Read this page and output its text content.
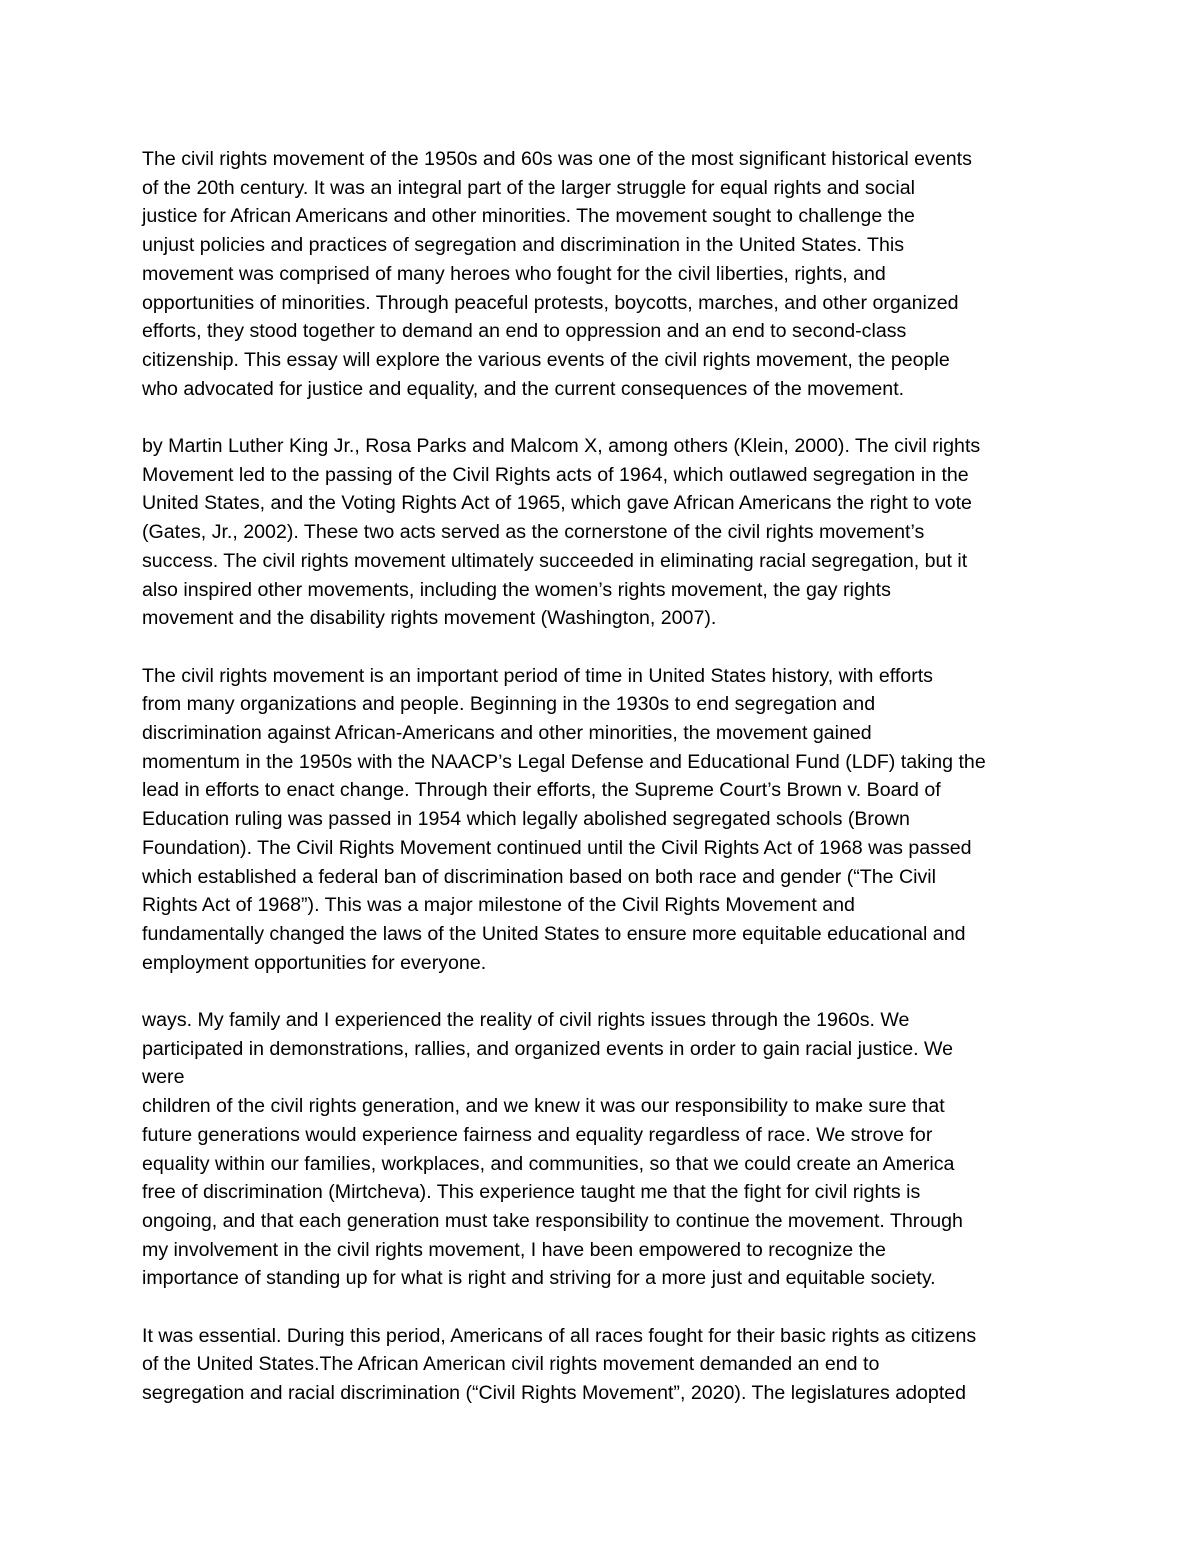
The civil rights movement of the 1950s and 60s was one of the most significant historical events
of the 20th century. It was an integral part of the larger struggle for equal rights and social
justice for African Americans and other minorities. The movement sought to challenge the
unjust policies and practices of segregation and discrimination in the United States. This
movement was comprised of many heroes who fought for the civil liberties, rights, and
opportunities of minorities. Through peaceful protests, boycotts, marches, and other organized
efforts, they stood together to demand an end to oppression and an end to second-class
citizenship. This essay will explore the various events of the civil rights movement, the people
who advocated for justice and equality, and the current consequences of the movement.

by Martin Luther King Jr., Rosa Parks and Malcom X, among others (Klein, 2000). The civil rights
Movement led to the passing of the Civil Rights acts of 1964, which outlawed segregation in the
United States, and the Voting Rights Act of 1965, which gave African Americans the right to vote
(Gates, Jr., 2002). These two acts served as the cornerstone of the civil rights movement’s
success. The civil rights movement ultimately succeeded in eliminating racial segregation, but it
also inspired other movements, including the women’s rights movement, the gay rights
movement and the disability rights movement (Washington, 2007).

The civil rights movement is an important period of time in United States history, with efforts
from many organizations and people. Beginning in the 1930s to end segregation and
discrimination against African-Americans and other minorities, the movement gained
momentum in the 1950s with the NAACP’s Legal Defense and Educational Fund (LDF) taking the
lead in efforts to enact change. Through their efforts, the Supreme Court’s Brown v. Board of
Education ruling was passed in 1954 which legally abolished segregated schools (Brown
Foundation). The Civil Rights Movement continued until the Civil Rights Act of 1968 was passed
which established a federal ban of discrimination based on both race and gender (“The Civil
Rights Act of 1968”). This was a major milestone of the Civil Rights Movement and
fundamentally changed the laws of the United States to ensure more equitable educational and
employment opportunities for everyone.

ways. My family and I experienced the reality of civil rights issues through the 1960s. We
participated in demonstrations, rallies, and organized events in order to gain racial justice. We
were
children of the civil rights generation, and we knew it was our responsibility to make sure that
future generations would experience fairness and equality regardless of race. We strove for
equality within our families, workplaces, and communities, so that we could create an America
free of discrimination (Mirtcheva). This experience taught me that the fight for civil rights is
ongoing, and that each generation must take responsibility to continue the movement. Through
my involvement in the civil rights movement, I have been empowered to recognize the
importance of standing up for what is right and striving for a more just and equitable society.

It was essential. During this period, Americans of all races fought for their basic rights as citizens
of the United States.The African American civil rights movement demanded an end to
segregation and racial discrimination (“Civil Rights Movement”, 2020). The legislatures adopted
